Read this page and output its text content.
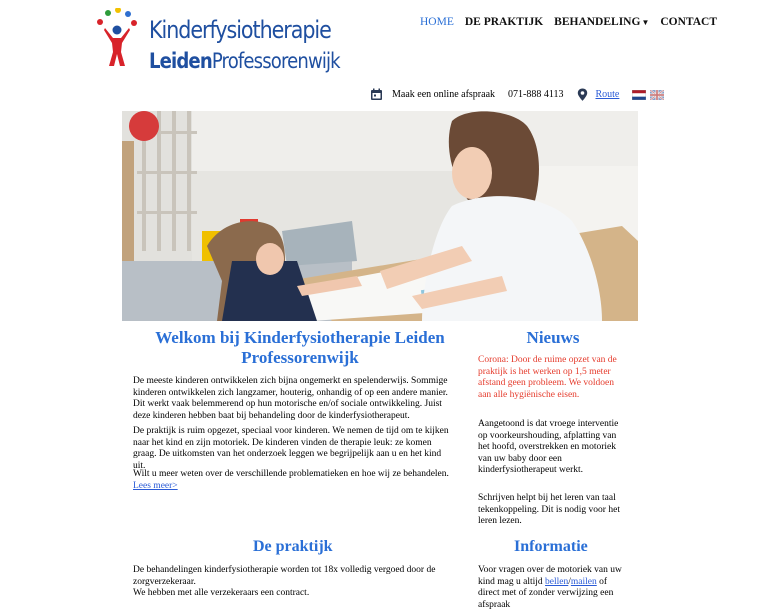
Kinderfysiotherapie
LeidenProfessorenwijk
HOME DE PRAKTIJK BEHANDELING▼ CONTACT
Maak een online afspraak 071-888 4113	Route
Welkom bij Kinderfysiotherapie Leiden Professorenwijk
De meeste kinderen ontwikkelen zich bijna ongemerkt en spelenderwijs. Sommige kinderen ontwikkelen zich langzamer, houterig, onhandig of op een andere manier. Dit werkt vaak belemmerend op hun motorische en/of sociale ontwikkeling. Juist deze kinderen hebben baat bij behandeling door de kinderfysiotherapeut.
De praktijk is ruim opgezet, speciaal voor kinderen. We nemen de tijd om te kijken naar het kind en zijn motoriek. De kinderen vinden de therapie leuk: ze komen graag. De uitkomsten van het onderzoek leggen we begrijpelijk aan u en het kind uit.
Wilt u meer weten over de verschillende problematieken en hoe wij ze behandelen.
Lees meer>
Nieuws
Corona: Door de ruime opzet van de praktijk is het werken op 1,5 meter afstand geen probleem. We voldoen aan alle hygiënische eisen.
Aangetoond is dat vroege interventie op voorkeurshouding, afplatting van het hoofd, overstrekken en motoriek van uw baby door een kinderfysiotherapeut werkt.
Schrijven helpt bij het leren van taal tekenkoppeling. Dit is nodig voor het leren lezen.
De praktijk
De behandelingen kinderfysiotherapie worden tot 18x volledig vergoed door de zorgverzekeraar.
We hebben met alle verzekeraars een contract.
Informatie
Voor vragen over de motoriek van uw kind mag u altijd bellen/mailen of direct met of zonder verwijzing een afspraak
